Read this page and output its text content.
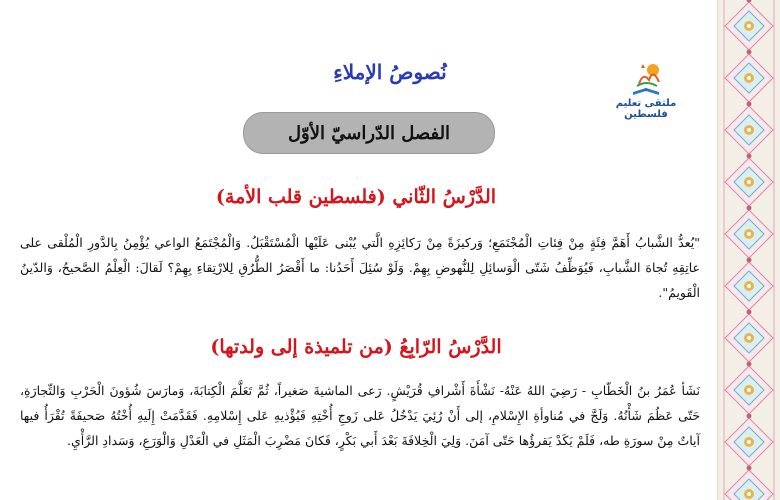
ملتقى تعليم فلسطين
نُصوصُ الإملاءِ
الفصل الدّراسيّ الأوّل
الدَّرْسُ الثّاني (فلسطين قلب الأمة)
"يُعدُّ الشَّبابُ أَهَمَّ فِئَةٍ مِنْ فِئاتِ الْمُجْتَمَعِ؛ وَركيزَةً مِنْ رَكائِزِهِ الَّتي يُبْنى عَلَيْها الْمُسْتَقْبَلُ. وَالْمُجْتَمَعُ الواعي يُؤْمِنُ بِالدَّورِ الْمُلْقى على عاتِقِهِ تُجاهَ الشَّبابِ، فَيُوَظِّفُ شَتّى الْوَسائِلِ لِلنُّهوضِ بِهِمْ. وَلَوْ سُئِلَ أَحَدُنا: ما أَقْصَرُ الطُّرُقِ لِلارْتِقاءِ بِهِمْ؟ لَقالَ: الْعِلْمُ الصَّحيحُ، وَالدّينُ الْقَويمُ".
الدَّرْسُ الرّابِعُ (من تلميذة إلى ولدتها)
نَشَأ عُمَرُ بنُ الْخَطّابِ - رَضِيَ اللهُ عَنْهُ- نَشْأَةَ أَشْرافِ قُرَيْشٍ. رَعى الماشيةَ صَغيراً، ثُمَّ تَعَلَّمَ الْكِتابَةَ، وَمارَسَ شُؤونَ الْحَرْبِ وَالتِّجارَةِ، حَتّى عَظُمَ شَأْنُهُ. وَلَجَّ في مُناوأةِ الإِسْلامِ، إلى أَنْ رُئِيَ يَدْخُلُ عَلى زَوجِ أُخْتِهِ فَيُؤْذيهِ عَلى إِسْلامِهِ. فَقَدَّمَتْ إِلَيهِ أُخْتُهُ صَحيفَةً تُقْرَأُ فيها آياتٌ مِنْ سورَةِ طه، فَلَمْ يَكَدْ يَقرؤُها حَتّى آمَنَ. وَلِيَ الْخِلافَةَ بَعْدَ أَبي بَكْرٍ، فَكانَ مَضْرِبَ الْمَثَلِ في الْعَدْلِ وَالْوَرَعِ، وَسَدادِ الرَّأْيِ.
